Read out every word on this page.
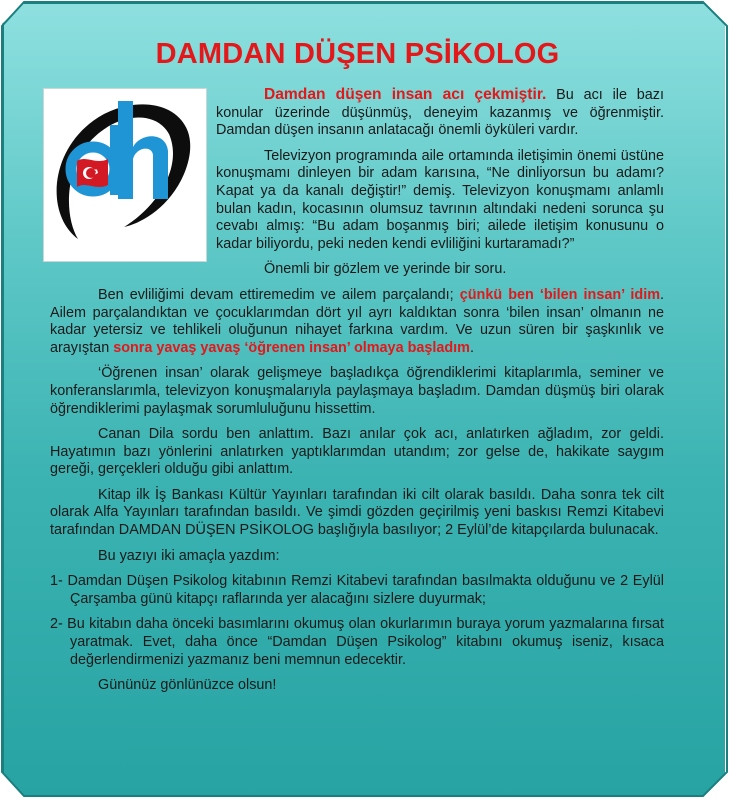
DAMDAN DÜŞEN PSİKOLOG

Damdan düşen insan acı çekmiştir. Bu acı ile bazı konular üzerinde düşünmüş, deneyim kazanmış ve öğrenmiştir. Damdan düşen insanın anlatacağı önemli öyküleri vardır.

Televizyon programında aile ortamında iletişimin önemi üstüne konuşmamı dinleyen bir adam karısına, “Ne dinliyorsun bu adamı? Kapat ya da kanalı değiştir!” demiş. Televizyon konuşmamı anlamlı bulan kadın, kocasının olumsuz tavrının altındaki nedeni sorunca şu cevabı almış: “Bu adam boşanmış biri; ailede iletişim konusunu o kadar biliyordu, peki neden kendi evliliğini kurtaramadı?”

Önemli bir gözlem ve yerinde bir soru.

Ben evliliğimi devam ettiremedim ve ailem parçalandı; çünkü ben ‘bilen insan’ idim. Ailem parçalandıktan ve çocuklarımdan dört yıl ayrı kaldıktan sonra ‘bilen insan’ olmanın ne kadar yetersiz ve tehlikeli oluğunun nihayet farkına vardım. Ve uzun süren bir şaşkınlık ve arayıştan sonra yavaş yavaş ‘öğrenen insan’ olmaya başladım.

‘Öğrenen insan’ olarak gelişmeye başladıkça öğrendiklerimi kitaplarımla, seminer ve konferanslarımla, televizyon konuşmalarıyla paylaşmaya başladım. Damdan düşmüş biri olarak öğrendiklerimi paylaşmak sorumluluğunu hissettim.

Canan Dila sordu ben anlattım. Bazı anılar çok acı, anlatırken ağladım, zor geldi. Hayatımın bazı yönlerini anlatırken yaptıklarımdan utandım; zor gelse de, hakikate saygım gereği, gerçekleri olduğu gibi anlattım.

Kitap ilk İş Bankası Kültür Yayınları tarafından iki cilt olarak basıldı. Daha sonra tek cilt olarak Alfa Yayınları tarafından basıldı. Ve şimdi gözden geçirilmiş yeni baskısı Remzi Kitabevi tarafından DAMDAN DÜŞEN PSİKOLOG başlığıyla basılıyor; 2 Eylül’de kitapçılarda bulunacak.

Bu yazıyı iki amaçla yazdım:

1- Damdan Düşen Psikolog kitabının Remzi Kitabevi tarafından basılmakta olduğunu ve 2 Eylül Çarşamba günü kitapçı raflarında yer alacağını sizlere duyurmak;
2- Bu kitabın daha önceki basımlarını okumuş olan okurlarımın buraya yorum yazmalarına fırsat yaratmak. Evet, daha önce “Damdan Düşen Psikolog” kitabını okumuş iseniz, kısaca değerlendirmenizi yazmanız beni memnun edecektir.

Gününüz gönlünüzce olsun!
